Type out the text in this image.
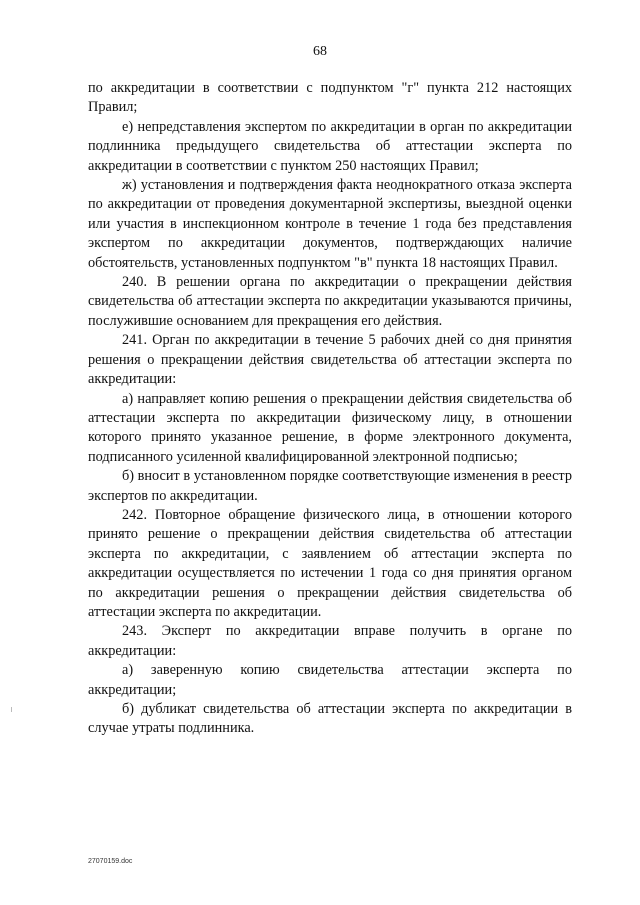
68

по аккредитации в соответствии с подпунктом "г" пункта 212 настоящих Правил;

е) непредставления экспертом по аккредитации в орган по аккредитации подлинника предыдущего свидетельства об аттестации эксперта по аккредитации в соответствии с пунктом 250 настоящих Правил;

ж) установления и подтверждения факта неоднократного отказа эксперта по аккредитации от проведения документарной экспертизы, выездной оценки или участия в инспекционном контроле в течение 1 года без представления экспертом по аккредитации документов, подтверждающих наличие обстоятельств, установленных подпунктом "в" пункта 18 настоящих Правил.

240. В решении органа по аккредитации о прекращении действия свидетельства об аттестации эксперта по аккредитации указываются причины, послужившие основанием для прекращения его действия.

241. Орган по аккредитации в течение 5 рабочих дней со дня принятия решения о прекращении действия свидетельства об аттестации эксперта по аккредитации:

а) направляет копию решения о прекращении действия свидетельства об аттестации эксперта по аккредитации физическому лицу, в отношении которого принято указанное решение, в форме электронного документа, подписанного усиленной квалифицированной электронной подписью;

б) вносит в установленном порядке соответствующие изменения в реестр экспертов по аккредитации.

242. Повторное обращение физического лица, в отношении которого принято решение о прекращении действия свидетельства об аттестации эксперта по аккредитации, с заявлением об аттестации эксперта по аккредитации осуществляется по истечении 1 года со дня принятия органом по аккредитации решения о прекращении действия свидетельства об аттестации эксперта по аккредитации.

243. Эксперт по аккредитации вправе получить в органе по аккредитации:

а) заверенную копию свидетельства аттестации эксперта по аккредитации;

б) дубликат свидетельства об аттестации эксперта по аккредитации в случае утраты подлинника.

27070159.doc
